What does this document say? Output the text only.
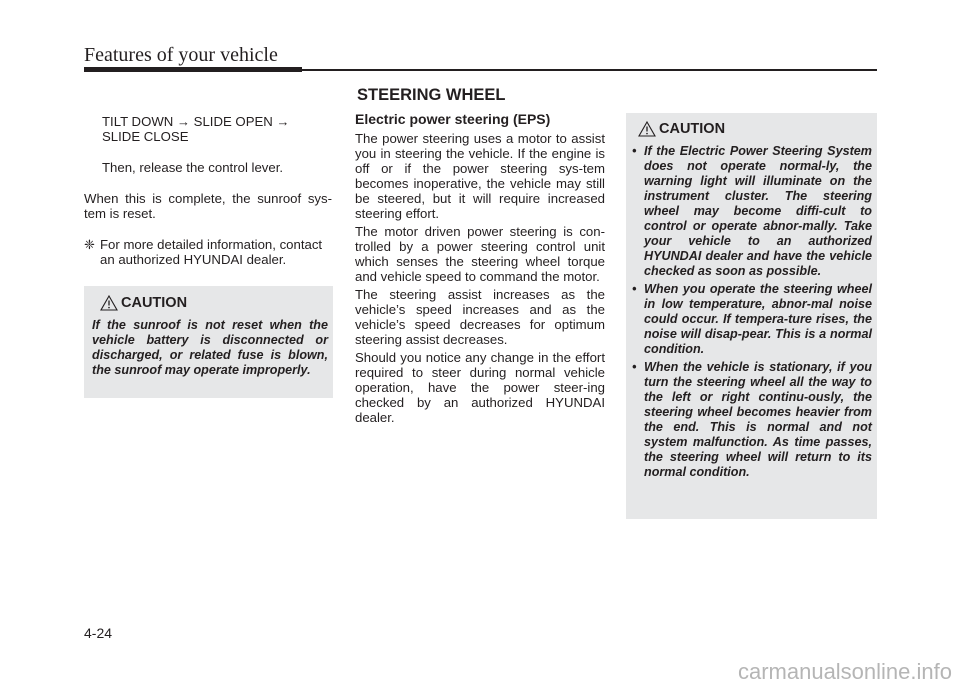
Features of your vehicle
STEERING WHEEL

TILT DOWN → SLIDE OPEN →
SLIDE CLOSE

Then, release the control lever.

When this is complete, the sunroof sys-tem is reset.

❈ For more detailed information, contact an authorized HYUNDAI dealer.
CAUTION
If the sunroof is not reset when the vehicle battery is disconnected or discharged, or related fuse is blown, the sunroof may operate improperly.
Electric power steering (EPS)

The power steering uses a motor to assist you in steering the vehicle. If the engine is off or if the power steering sys-tem becomes inoperative, the vehicle may still be steered, but it will require increased steering effort.

The motor driven power steering is con-trolled by a power steering control unit which senses the steering wheel torque and vehicle speed to command the motor.

The steering assist increases as the vehicle’s speed increases and as the vehicle’s speed decreases for optimum steering assist decreases.

Should you notice any change in the effort required to steer during normal vehicle operation, have the power steer-ing checked by an authorized HYUNDAI dealer.

CAUTION
• If the Electric Power Steering System does not operate normal-ly, the warning light will illuminate on the instrument cluster. The steering wheel may become diffi-cult to control or operate abnor-mally. Take your vehicle to an authorized HYUNDAI dealer and have the vehicle checked as soon as possible.
• When you operate the steering wheel in low temperature, abnor-mal noise could occur. If tempera-ture rises, the noise will disap-pear. This is a normal condition.
• When the vehicle is stationary, if you turn the steering wheel all the way to the left or right continu-ously, the steering wheel becomes heavier from the end. This is normal and not system malfunction. As time passes, the steering wheel will return to its normal condition.
4-24
carmanualsonline.info
